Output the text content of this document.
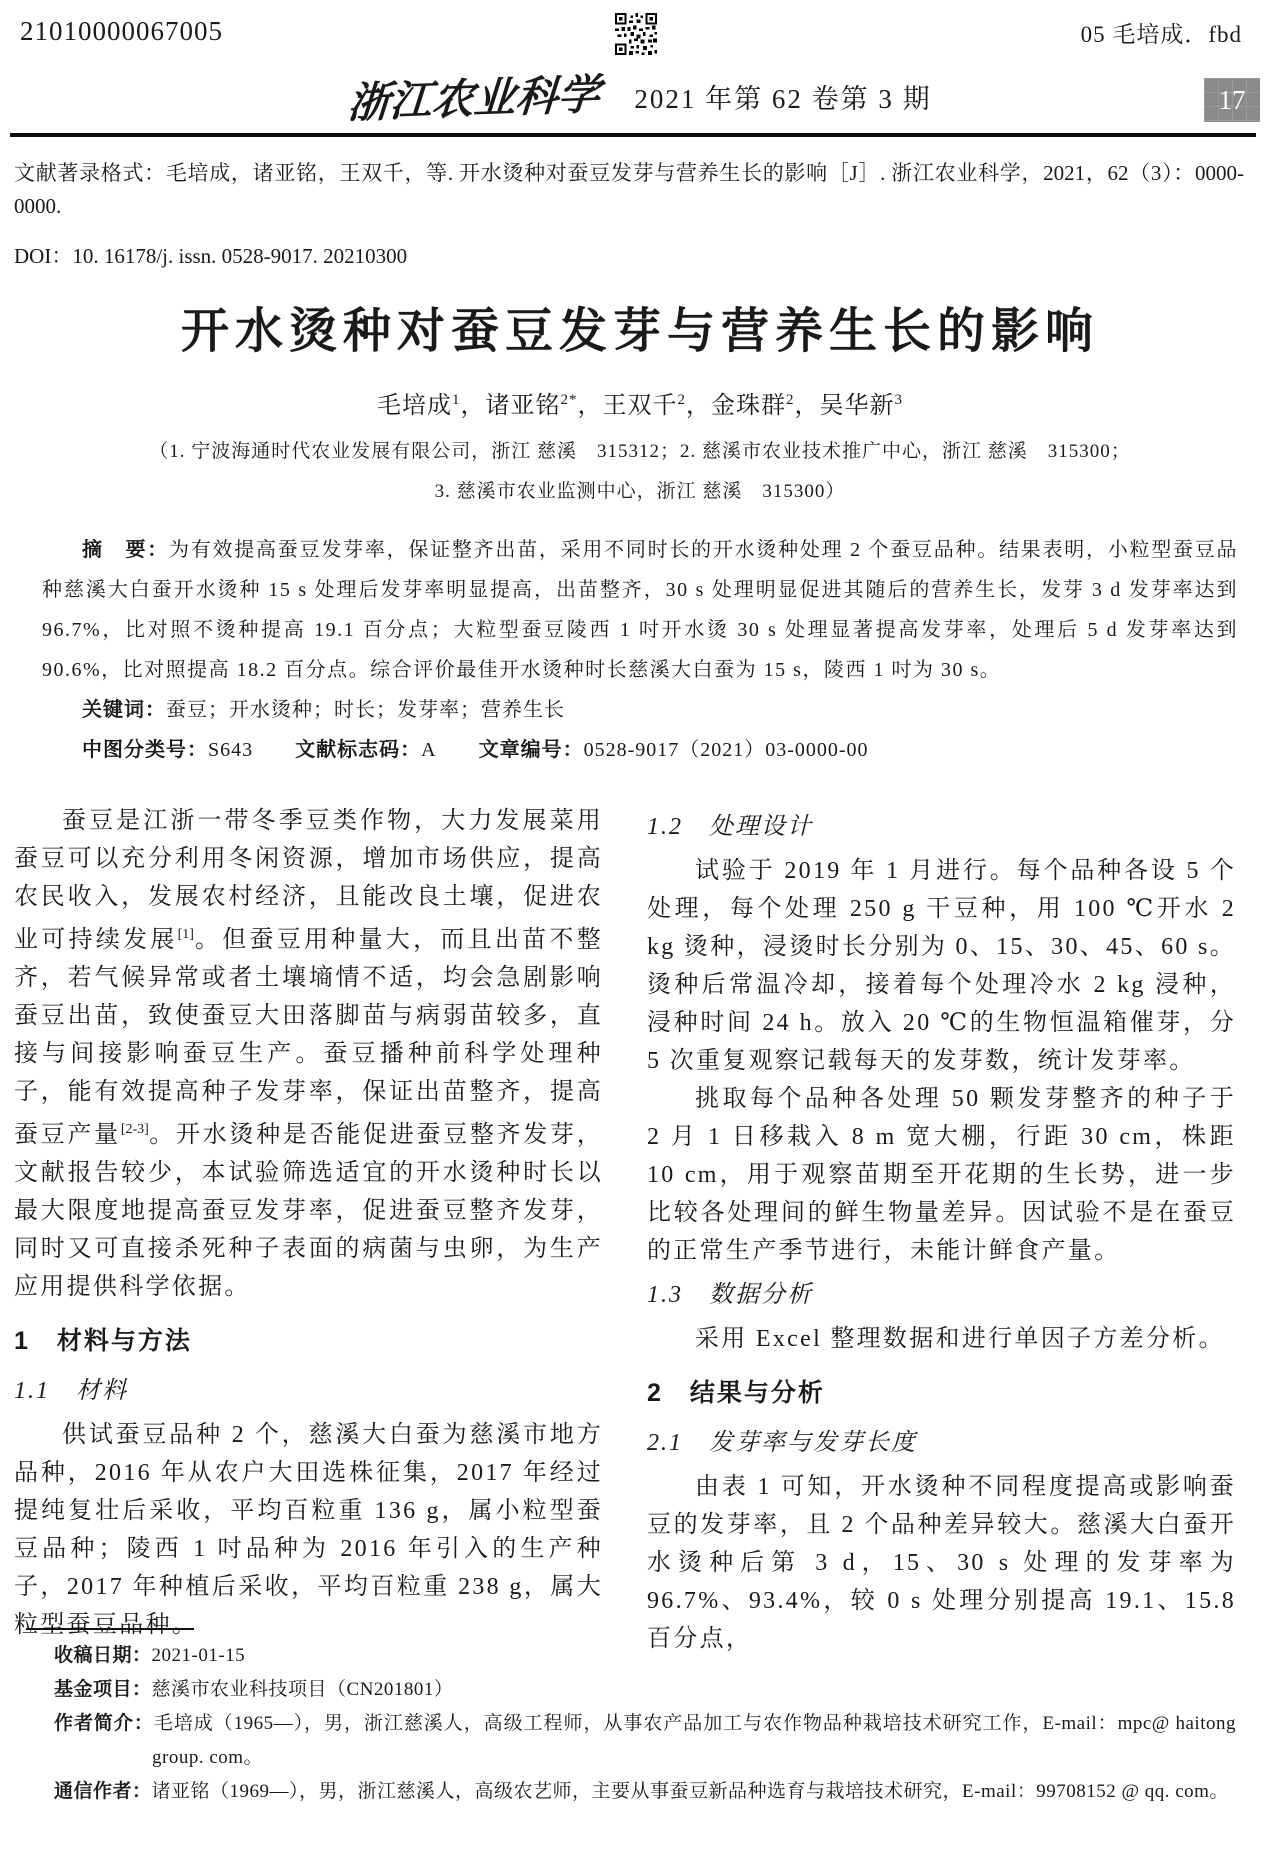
21010000067005	05 毛培成．fbd
浙江农业科学 2021 年第 62 卷第 3 期	17

文献著录格式：毛培成，诸亚铭，王双千，等. 开水烫种对蚕豆发芽与营养生长的影响［J］. 浙江农业科学，2021，62（3）：0000-0000.

DOI：10. 16178/j. issn. 0528-9017. 20210300

开水烫种对蚕豆发芽与营养生长的影响
毛培成$^1$，诸亚铭$^{2*}$，王双千$^2$，金珠群$^2$，吴华新$^3$

（1. 宁波海通时代农业发展有限公司，浙江 慈溪　315312；2. 慈溪市农业技术推广中心，浙江 慈溪　315300；

3. 慈溪市农业监测中心，浙江 慈溪　315300）

摘　要：为有效提高蚕豆发芽率，保证整齐出苗，采用不同时长的开水烫种处理 2 个蚕豆品种。结果表明，小粒型蚕豆品种慈溪大白蚕开水烫种 15 s 处理后发芽率明显提高，出苗整齐，30 s 处理明显促进其随后的营养生长，发芽 3 d 发芽率达到 96.7%，比对照不烫种提高 19.1 百分点；大粒型蚕豆陵西 1 吋开水烫 30 s 处理显著提高发芽率，处理后 5 d 发芽率达到 90.6%，比对照提高 18.2 百分点。综合评价最佳开水烫种时长慈溪大白蚕为 15 s，陵西 1 吋为 30 s。

关键词：蚕豆；开水烫种；时长；发芽率；营养生长

中图分类号：S643 文献标志码：A 文章编号：0528-9017（2021）03-0000-00

蚕豆是江浙一带冬季豆类作物，大力发展菜用蚕豆可以充分利用冬闲资源，增加市场供应，提高农民收入，发展农村经济，且能改良土壤，促进农业可持续发展[1]。但蚕豆用种量大，而且出苗不整齐，若气候异常或者土壤墒情不适，均会急剧影响蚕豆出苗，致使蚕豆大田落脚苗与病弱苗较多，直接与间接影响蚕豆生产。蚕豆播种前科学处理种子，能有效提高种子发芽率，保证出苗整齐，提高蚕豆产量[2-3]。开水烫种是否能促进蚕豆整齐发芽，文献报告较少，本试验筛选适宜的开水烫种时长以最大限度地提高蚕豆发芽率，促进蚕豆整齐发芽，同时又可直接杀死种子表面的病菌与虫卵，为生产应用提供科学依据。

1　材料与方法
1.1　材料

供试蚕豆品种 2 个，慈溪大白蚕为慈溪市地方品种，2016 年从农户大田选株征集，2017 年经过提纯复壮后采收，平均百粒重 136 g，属小粒型蚕豆品种；陵西 1 吋品种为 2016 年引入的生产种子，2017 年种植后采收，平均百粒重 238 g，属大粒型蚕豆品种。

1.2　处理设计

试验于 2019 年 1 月进行。每个品种各设 5 个处理，每个处理 250 g 干豆种，用 100 ℃开水 2 kg 烫种，浸烫时长分别为 0、15、30、45、60 s。烫种后常温冷却，接着每个处理冷水 2 kg 浸种，浸种时间 24 h。放入 20 ℃的生物恒温箱催芽，分 5 次重复观察记载每天的发芽数，统计发芽率。

挑取每个品种各处理 50 颗发芽整齐的种子于 2 月 1 日移栽入 8 m 宽大棚，行距 30 cm，株距 10 cm，用于观察苗期至开花期的生长势，进一步比较各处理间的鲜生物量差异。因试验不是在蚕豆的正常生产季节进行，未能计鲜食产量。

1.3　数据分析

采用 Excel 整理数据和进行单因子方差分析。

2　结果与分析
2.1　发芽率与发芽长度

由表 1 可知，开水烫种不同程度提高或影响蚕豆的发芽率，且 2 个品种差异较大。慈溪大白蚕开水烫种后第 3 d，15、30 s 处理的发芽率为 96.7%、93.4%，较 0 s 处理分别提高 19.1、15.8 百分点，

收稿日期：2021-01-15

基金项目：慈溪市农业科技项目（CN201801）

作者简介：毛培成（1965—），男，浙江慈溪人，高级工程师，从事农产品加工与农作物品种栽培技术研究工作，E-mail：mpc@ haitong group. com。

通信作者：诸亚铭（1969—），男，浙江慈溪人，高级农艺师，主要从事蚕豆新品种选育与栽培技术研究，E-mail：99708152 @ qq. com。
